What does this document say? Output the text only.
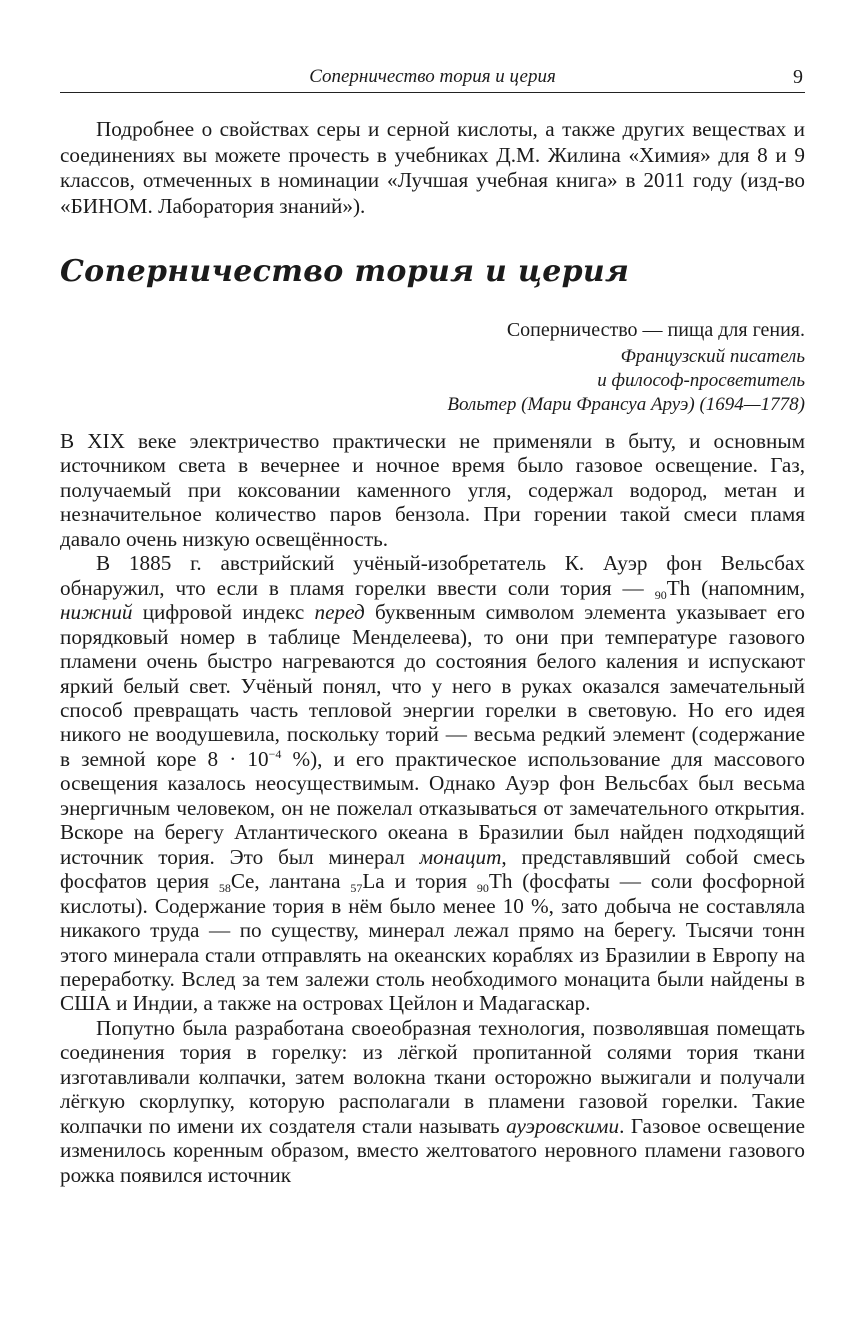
Соперничество тория и церия	9

Подробнее о свойствах серы и серной кислоты, а также других веществах и соединениях вы можете прочесть в учебниках Д.М. Жилина «Химия» для 8 и 9 классов, отмеченных в номинации «Лучшая учебная книга» в 2011 году (изд-во «БИНОМ. Лаборатория знаний»).

Соперничество тория и церия
Соперничество — пища для гения.
Французский писатель
и философ-просветитель
Вольтер (Мари Франсуа Аруэ) (1694—1778)

В XIX веке электричество практически не применяли в быту, и основным источником света в вечернее и ночное время было газовое освещение. Газ, получаемый при коксовании каменного угля, содержал водород, метан и незначительное количество паров бензола. При горении такой смеси пламя давало очень низкую освещённость.

В 1885 г. австрийский учёный-изобретатель К. Ауэр фон Вельсбах обнаружил, что если в пламя горелки ввести соли тория — $_{90}$Th (напомним, нижний цифровой индекс перед буквенным символом элемента указывает его порядковый номер в таблице Менделеева), то они при температуре газового пламени очень быстро нагреваются до состояния белого каления и испускают яркий белый свет. Учёный понял, что у него в руках оказался замечательный способ превращать часть тепловой энергии горелки в световую. Но его идея никого не воодушевила, поскольку торий — весьма редкий элемент (содержание в земной коре $8 \cdot 10^{-4}$ %), и его практическое использование для массового освещения казалось неосуществимым. Однако Ауэр фон Вельсбах был весьма энергичным человеком, он не пожелал отказываться от замечательного открытия. Вскоре на берегу Атлантического океана в Бразилии был найден подходящий источник тория. Это был минерал монацит, представлявший собой смесь фосфатов церия $_{58}$Ce, лантана $_{57}$La и тория $_{90}$Th (фосфаты — соли фосфорной кислоты). Содержание тория в нём было менее 10 %, зато добыча не составляла никакого труда — по существу, минерал лежал прямо на берегу. Тысячи тонн этого минерала стали отправлять на океанских кораблях из Бразилии в Европу на переработку. Вслед за тем залежи столь необходимого монацита были найдены в США и Индии, а также на островах Цейлон и Мадагаскар.

Попутно была разработана своеобразная технология, позволявшая помещать соединения тория в горелку: из лёгкой пропитанной солями тория ткани изготавливали колпачки, затем волокна ткани осторожно выжигали и получали лёгкую скорлупку, которую располагали в пламени газовой горелки. Такие колпачки по имени их создателя стали называть ауэровскими. Газовое освещение изменилось коренным образом, вместо желтоватого неровного пламени газового рожка появился источник
